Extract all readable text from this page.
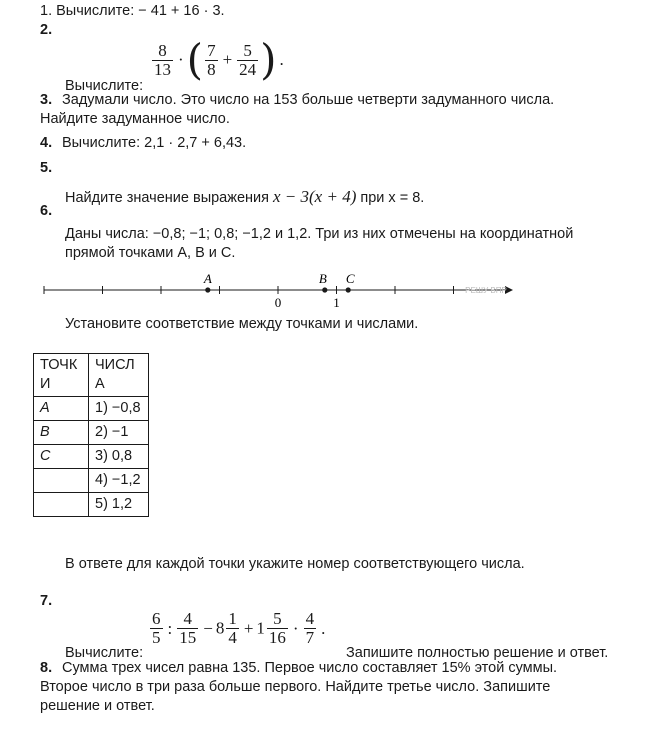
1. Вычислите: − 41 + 16 · 3.
2.
Вычислите:
$\frac{8}{13}$ ·( $\frac{7}{8} + \frac{5}{24}$ ) .
3. Задумали число. Это число на 153 больше четверти задуманного числа.
Найдите задуманное число.
4. Вычислите: 2,1 · 2,7 + 6,43.
5.
Найдите значение выражения x − 3(x + 4) при x = 8.
6.
Даны числа: −0,8; −1; 0,8; −1,2 и 1,2. Три из них отмечены на координатной
прямой точками A, B и C.
A	B C
0	1
РЕШУ ВПР
Установите соответствие между точками и числами.
ТОЧК И	ЧИСЛ А
A	1) −0,8
B	2) −1
C	3) 0,8
	4) −1,2
	5) 1,2
В ответе для каждой точки укажите номер соответствующего числа.
7.
Вычислите:
$\frac{6}{5}$ : $\frac{4}{15} - 8 \frac{1}{4} + 1 \frac{5}{16} \cdot \frac{4}{7}$ .
Запишите полностью решение и ответ.
8. Сумма трех чисел равна 135. Первое число составляет 15% этой суммы.
Второе число в три раза больше первого. Найдите третье число. Запишите
решение и ответ.
